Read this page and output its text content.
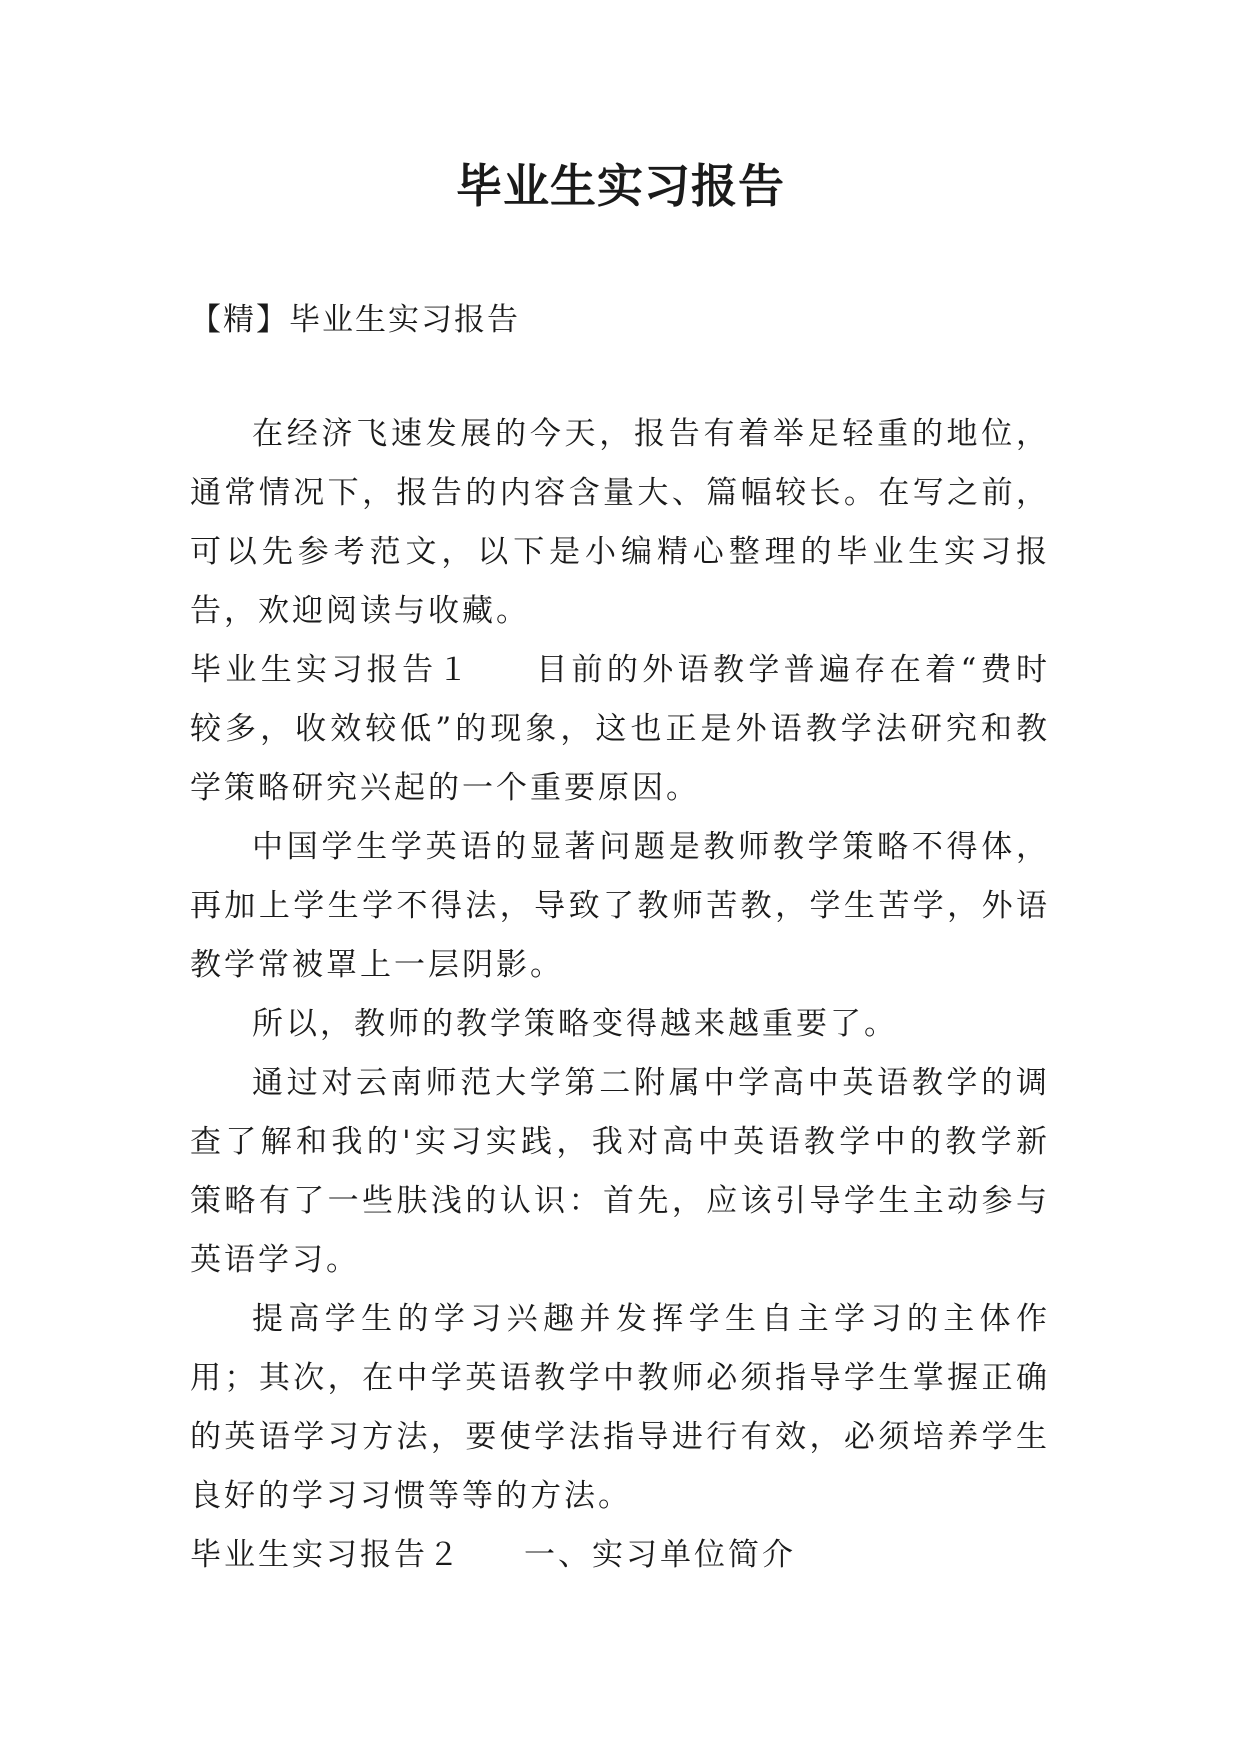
毕业生实习报告
【精】毕业生实习报告

在经济飞速发展的今天，报告有着举足轻重的地位，通常情况下，报告的内容含量大、篇幅较长。在写之前，可以先参考范文，以下是小编精心整理的毕业生实习报告，欢迎阅读与收藏。

毕业生实习报告１ 目前的外语教学普遍存在着“费时较多，收效较低”的现象，这也正是外语教学法研究和教学策略研究兴起的一个重要原因。

中国学生学英语的显著问题是教师教学策略不得体，再加上学生学不得法，导致了教师苦教，学生苦学，外语教学常被罩上一层阴影。

所以，教师的教学策略变得越来越重要了。

通过对云南师范大学第二附属中学高中英语教学的调查了解和我的'实习实践，我对高中英语教学中的教学新策略有了一些肤浅的认识：首先，应该引导学生主动参与英语学习。

提高学生的学习兴趣并发挥学生自主学习的主体作用；其次，在中学英语教学中教师必须指导学生掌握正确的英语学习方法，要使学法指导进行有效，必须培养学生良好的学习习惯等等的方法。

毕业生实习报告２ 一、实习单位简介
